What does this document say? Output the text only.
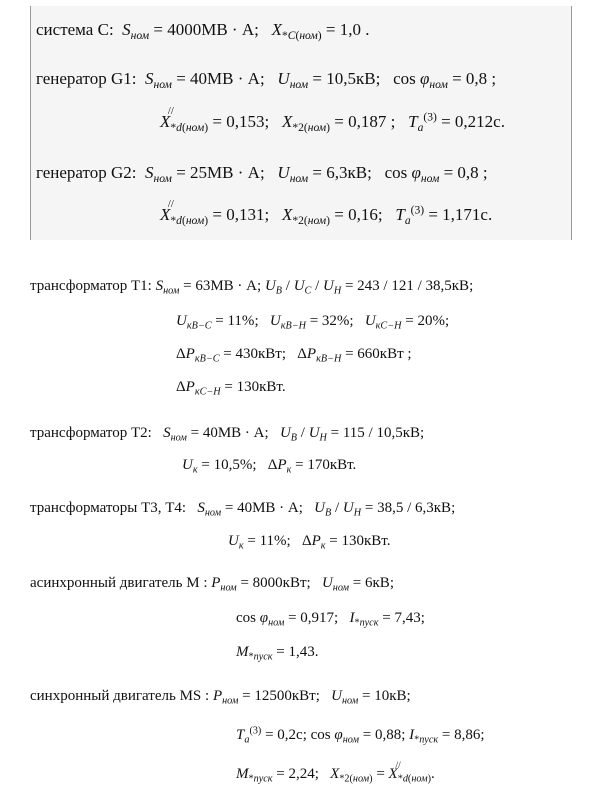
система С: $S_{ном} = 4000МВ \cdot А$;   $X_{*C(ном)} = 1,0$ .
генератор G1: $S_{ном} = 40МВ \cdot А$;   $U_{ном} = 10,5кВ$;   $\cos \varphi_{ном} = 0,8$ ;
X
//
$_{*d(ном)}$ = 0,153;   $X_{*2(ном)} = 0,187$ ;   $T_a^{(3)} = 0,212с$.
генератор G2: $S_{ном} = 25МВ \cdot А$;   $U_{ном} = 6,3кВ$;   $\cos \varphi_{ном} = 0,8$ ;
X
//
$_{*d(ном)}$ = 0,131;   $X_{*2(ном)} = 0,16$;   $T_a^{(3)} = 1,171с$.
трансформатор Т1: $S_{ном} = 63МВ \cdot А$; $U_B / U_C / U_H = 243 / 121 / 38,5кВ$;
$U_{кB-C} = 11\%$;   $U_{кB-H} = 32\%$;   $U_{кC-H} = 20\%$;
$\Delta P_{кB-C} = 430кВт$;   $\Delta P_{кB-H} = 660кВт$ ;
$\Delta P_{кC-H} = 130кВт$.
трансформатор Т2: $S_{ном} = 40МВ \cdot А$;   $U_B / U_H = 115 / 10,5кВ$;
$U_к = 10,5\%$;   $\Delta P_к = 170кВт$.
трансформаторы Т3, Т4: $S_{ном} = 40МВ \cdot А$;   $U_B / U_H = 38,5 / 6,3кВ$;
$U_к = 11\%$;   $\Delta P_к = 130кВт$.
асинхронный двигатель М : $P_{ном} = 8000кВт$;   $U_{ном} = 6кВ$;
$\cos \varphi_{ном} = 0,917$;   $I_{*пуск} = 7,43$;
$M_{*пуск} = 1,43$.
синхронный двигатель MS : $P_{ном} = 12500кВт$;   $U_{ном} = 10кВ$;
$T_a^{(3)} = 0,2с$; $\cos \varphi_{ном} = 0,88$; $I_{*пуск} = 8,86$;
$M_{*пуск} = 2,24$;   $X_{*2(ном)} = X$
//
$_{*d(ном)}$.
